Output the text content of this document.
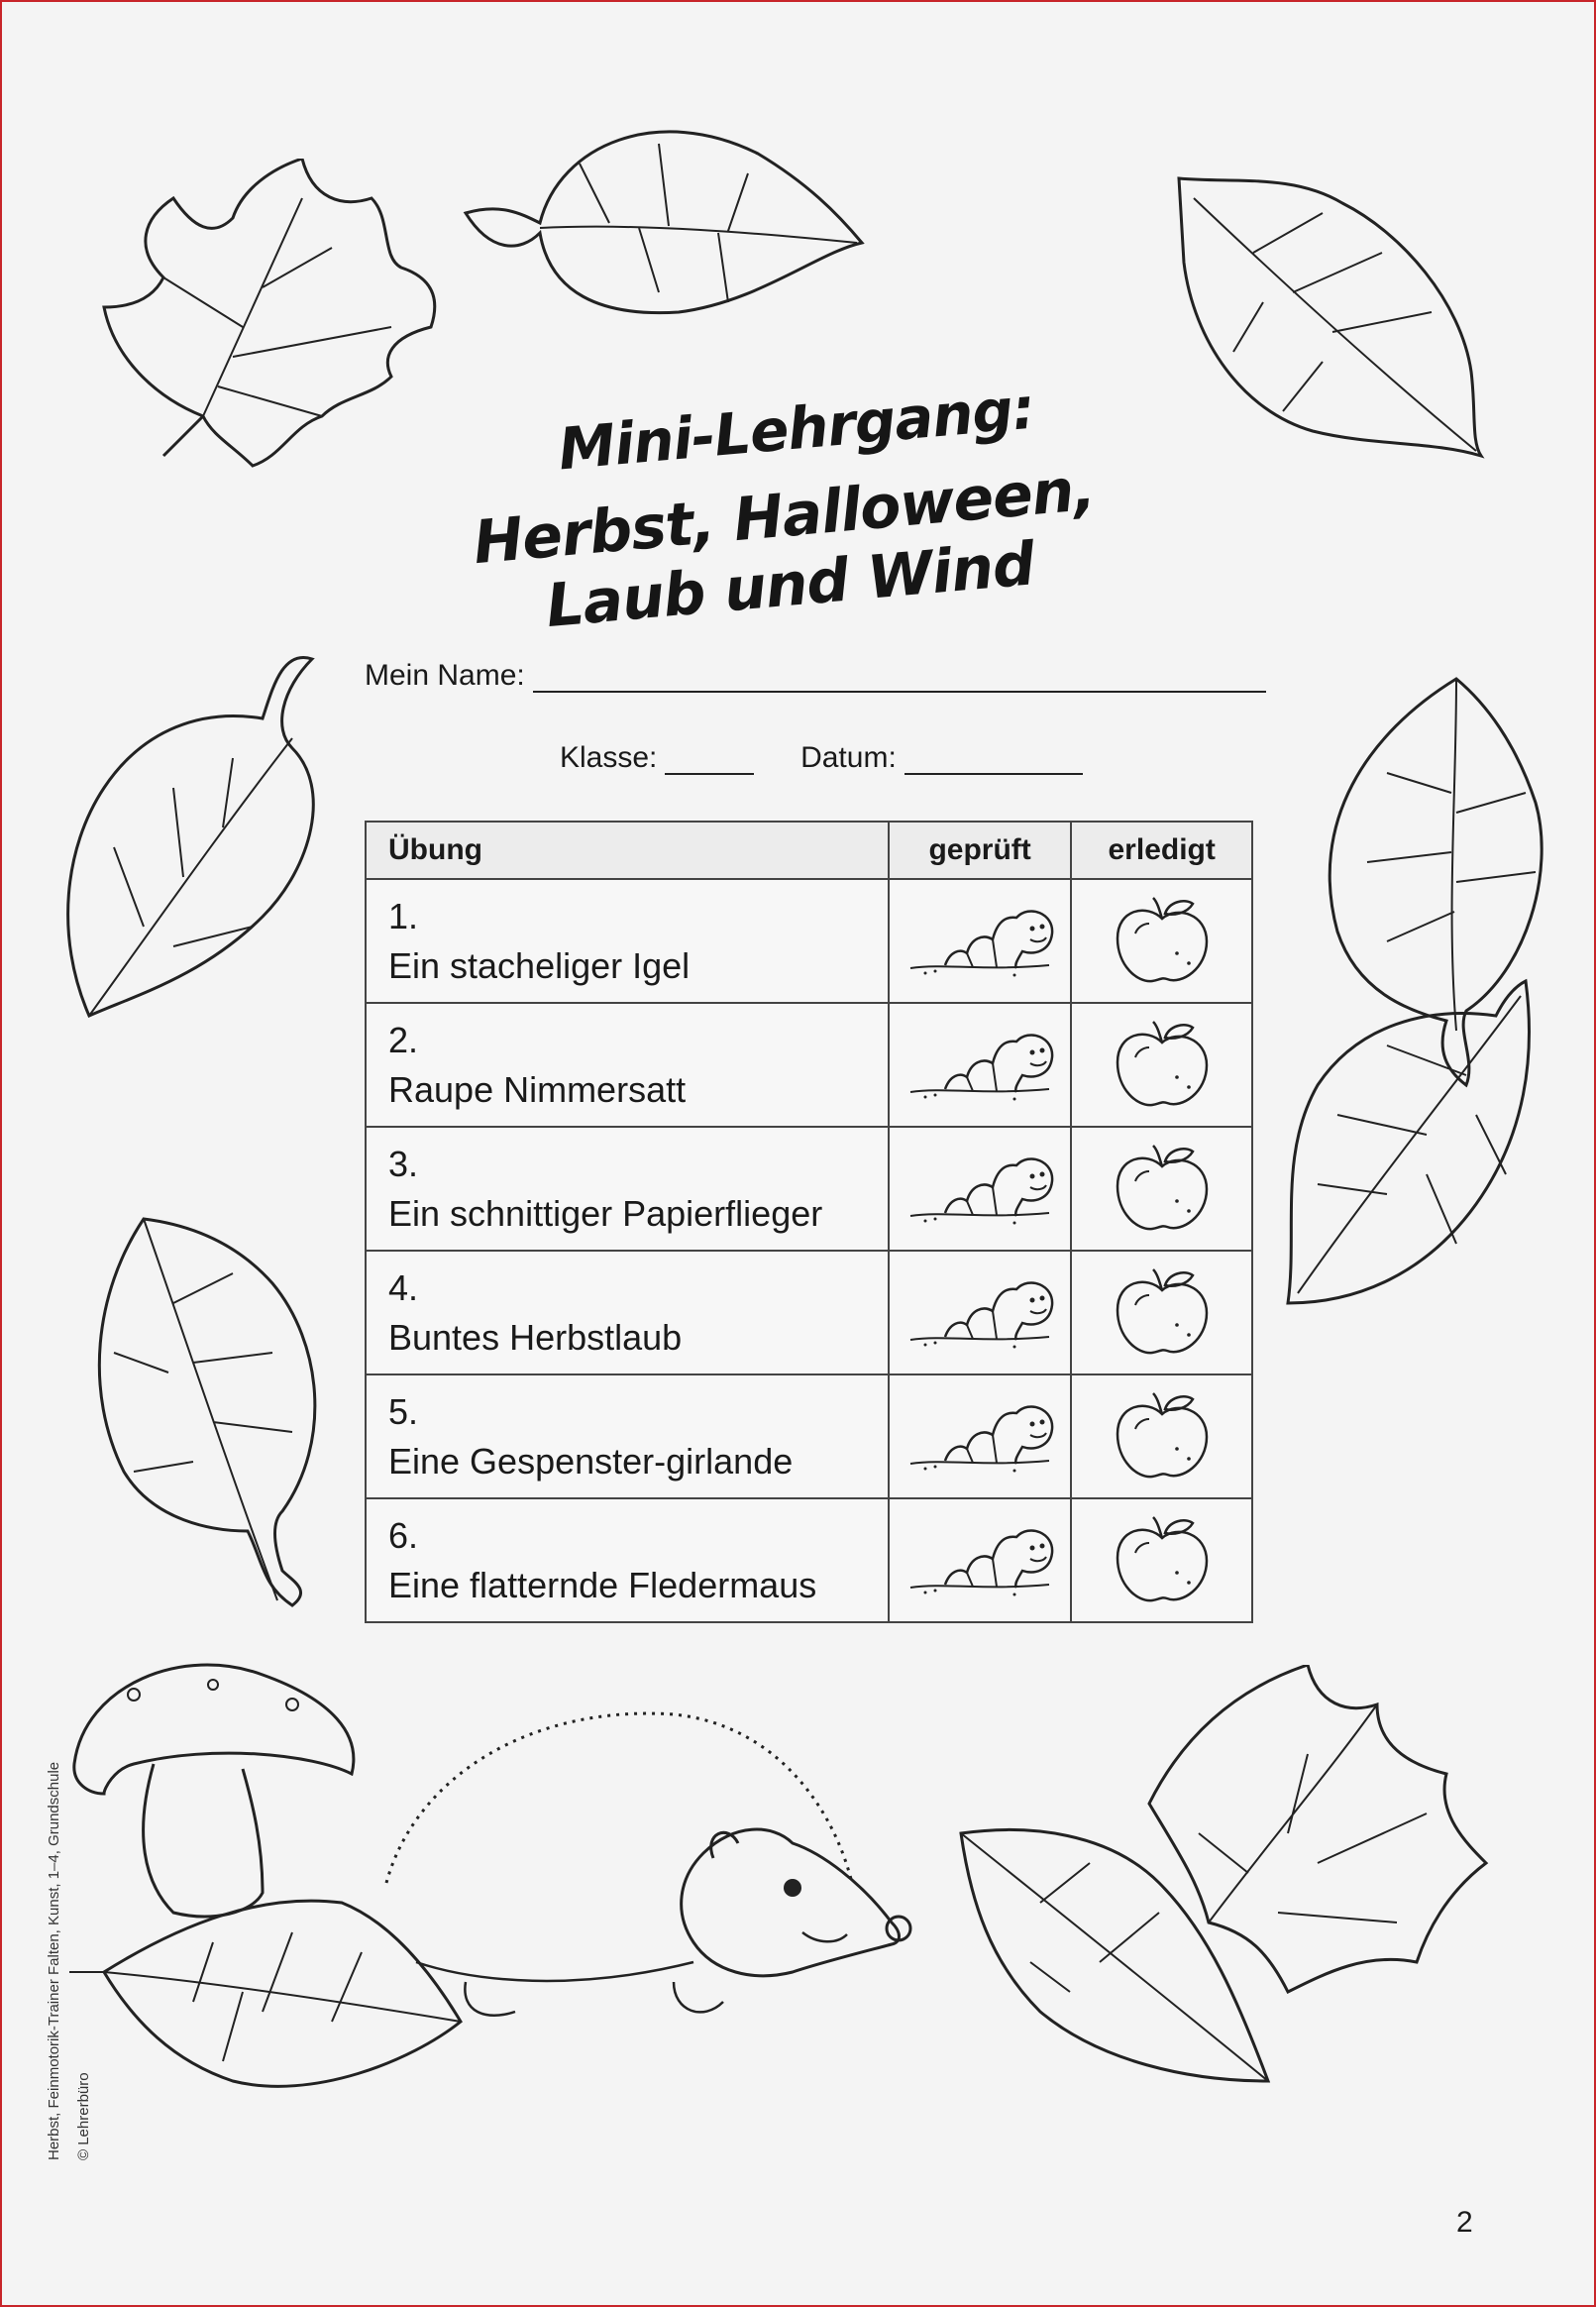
Mini-Lehrgang:
Herbst, Halloween, Laub und Wind
Mein Name:
Klasse:	Datum:
Übung	geprüft	erledigt
1.Ein stacheliger Igel		
2.Raupe Nimmersatt		
3.Ein schnittiger Papierflieger		
4.Buntes Herbstlaub		
5.Eine Gespenster-girlande		
6.Eine flatternde Fledermaus		
Herbst, Feinmotorik-Trainer Falten, Kunst, 1–4, Grundschule © Lehrerbüro
2
